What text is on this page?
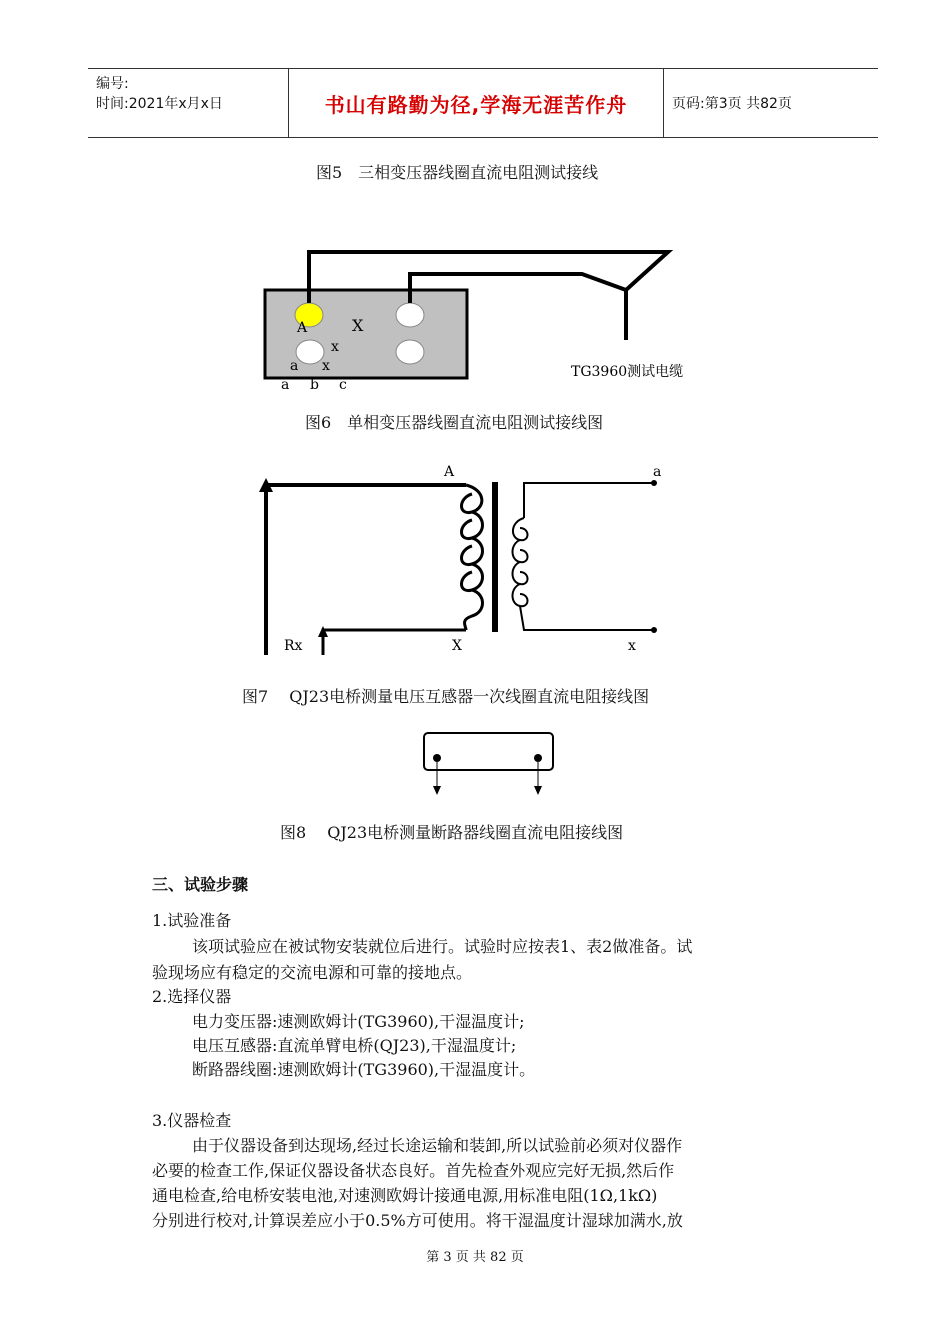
编号:
时间:2021年x月x日	书山有路勤为径,学海无涯苦作舟	页码:第3页 共82页
图5　三相变压器线圈直流电阻测试接线
A	X
x
a x
a b c
TG3960测试电缆
A	a
Rx	X	x
图6　单相变压器线圈直流电阻测试接线图
图7　 QJ23电桥测量电压互感器一次线圈直流电阻接线图
图8　 QJ23电桥测量断路器线圈直流电阻接线图
三、试验步骤
1.试验准备
该项试验应在被试物安装就位后进行。试验时应按表1、表2做准备。试
验现场应有稳定的交流电源和可靠的接地点。
2.选择仪器
电力变压器:速测欧姆计(TG3960),干湿温度计;
电压互感器:直流单臂电桥(QJ23),干湿温度计;
断路器线圈:速测欧姆计(TG3960),干湿温度计。
3.仪器检查
由于仪器设备到达现场,经过长途运输和装卸,所以试验前必须对仪器作
必要的检查工作,保证仪器设备状态良好。首先检查外观应完好无损,然后作
通电检查,给电桥安装电池,对速测欧姆计接通电源,用标准电阻(1Ω,1kΩ)
分别进行校对,计算误差应小于0.5%方可使用。将干湿温度计湿球加满水,放
第 3 页 共 82 页
